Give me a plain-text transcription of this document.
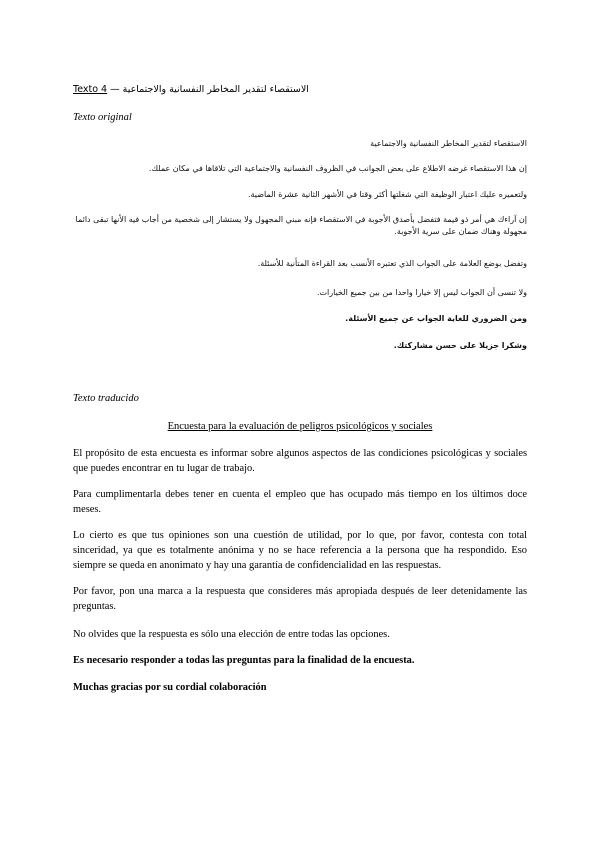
Texto 4 — الاستقصاء لتقدير المخاطر النفسانية والاجتماعية
Texto original
الاستقصاء لتقدير المخاطر النفسانية والاجتماعية
إن هذا الاستقصاء غرضه الاطلاع على بعض الجوانب في الظروف النفسانية والاجتماعية التي تلاقاها في مكان عملك.
ولتعميره عليك اعتبار الوظيفة التي شغلتها أكثر وقتا في الأشهر الثانية عشرة الماضية.
إن آراءك هي أمر ذو قيمة فتفضل بأصدق الأجوبة في الاستقصاء فإنه مبني المجهول ولا يستشار إلى شخصية من أجاب فيه الأنها تبقى دائما مجهولة وهناك ضمان على سرية الأجوبة.
وتفضل بوضع العلامة على الجواب الذي تعتبره الأنسب بعد القراءة المتأنية للأسئلة.
ولا تنسى أن الجواب ليس إلا خيارا واحدا من بين جميع الخيارات.
ومن الضروري للغاية الجواب عن جميع الأسئلة.
وشكرا جزيلا على حسن مشاركتك.
Texto traducido
Encuesta para la evaluación de peligros psicológicos y sociales

El propósito de esta encuesta es informar sobre algunos aspectos de las condiciones psicológicas y sociales que puedes encontrar en tu lugar de trabajo.

Para cumplimentarla debes tener en cuenta el empleo que has ocupado más tiempo en los últimos doce meses.

Lo cierto es que tus opiniones son una cuestión de utilidad, por lo que, por favor, contesta con total sinceridad, ya que es totalmente anónima y no se hace referencia a la persona que ha respondido. Eso siempre se queda en anonimato y hay una garantía de confidencialidad en las respuestas.

Por favor, pon una marca a la respuesta que consideres más apropiada después de leer detenidamente las preguntas.

No olvides que la respuesta es sólo una elección de entre todas las opciones.

Es necesario responder a todas las preguntas para la finalidad de la encuesta.

Muchas gracias por su cordial colaboración
